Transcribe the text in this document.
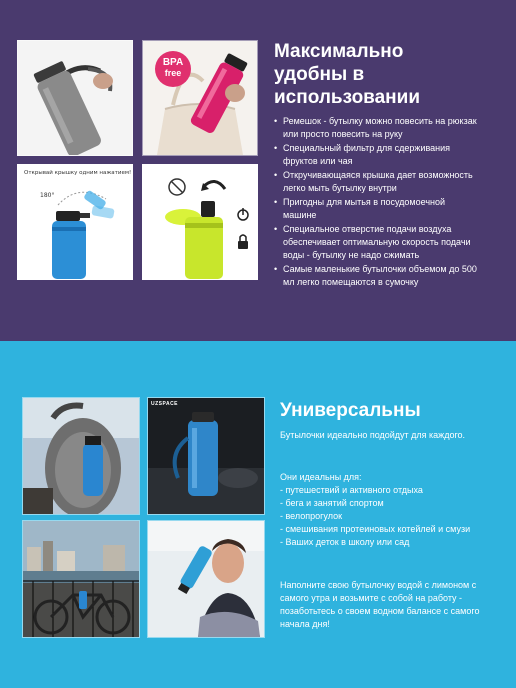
BPA
free
Открывай крышку одним нажатием!
180°
Максимально удобны в использовании
• Ремешок - бутылку можно повесить на рюкзак или просто повесить на руку
• Специальный фильтр для сдерживания фруктов или чая
• Откручивающаяся крышка дает возможность легко мыть бутылку внутри
• Пригодны для мытья в посудомоечной машине
• Специальное отверстие подачи воздуха обеспечивает оптимальную скорость подачи воды - бутылку не надо сжимать
• Самые маленькие бутылочки объемом до 500 мл легко помещаются в сумочку
UZSPACE	Универсальны

Бутылочки идеально подойдут для каждого.

Они идеальны для:

- путешествий и активного отдыха

- бега и занятий спортом

- велопрогулок

- смешивания протеиновых котейлей и смузи

- Ваших деток в школу или сад

Наполните свою бутылочку водой с лимоном с самого утра и возьмите с собой на работу - позаботьтесь о своем водном балансе с самого начала дня!
